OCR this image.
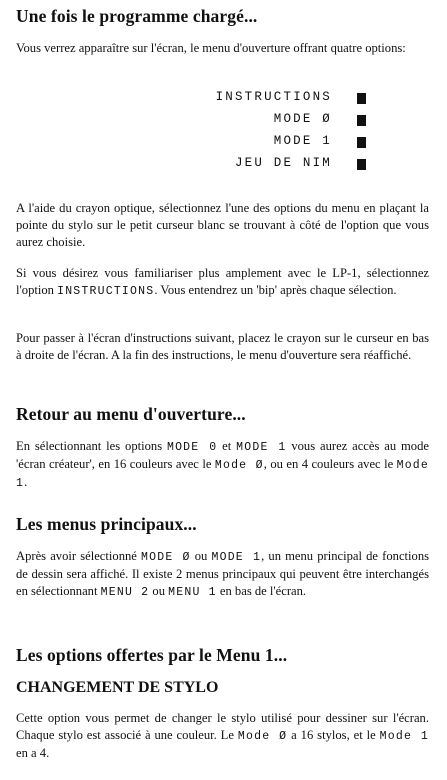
Une fois le programme chargé...
Vous verrez apparaître sur l'écran, le menu d'ouverture offrant quatre options:
INSTRUCTIONS
MODE Ø
MODE 1
JEU DE NIM
A l'aide du crayon optique, sélectionnez l'une des options du menu en plaçant la pointe du stylo sur le petit curseur blanc se trouvant à côté de l'option que vous aurez choisie.
Si vous désirez vous familiariser plus amplement avec le LP-1, sélectionnez l'option INSTRUCTIONS. Vous entendrez un 'bip' après chaque sélection.
Pour passer à l'écran d'instructions suivant, placez le crayon sur le curseur en bas à droite de l'écran. A la fin des instructions, le menu d'ouverture sera réaffiché.
Retour au menu d'ouverture...
En sélectionnant les options MODE 0 et MODE 1 vous aurez accès au mode 'écran créateur', en 16 couleurs avec le Mode Ø, ou en 4 couleurs avec le Mode 1.
Les menus principaux...
Après avoir sélectionné MODE Ø ou MODE 1, un menu principal de fonctions de dessin sera affiché. Il existe 2 menus principaux qui peuvent être interchangés en sélectionnant MENU 2 ou MENU 1 en bas de l'écran.
Les options offertes par le Menu 1...
CHANGEMENT DE STYLO
Cette option vous permet de changer le stylo utilisé pour dessiner sur l'écran. Chaque stylo est associé à une couleur. Le Mode Ø a 16 stylos, et le Mode 1 en a 4.
